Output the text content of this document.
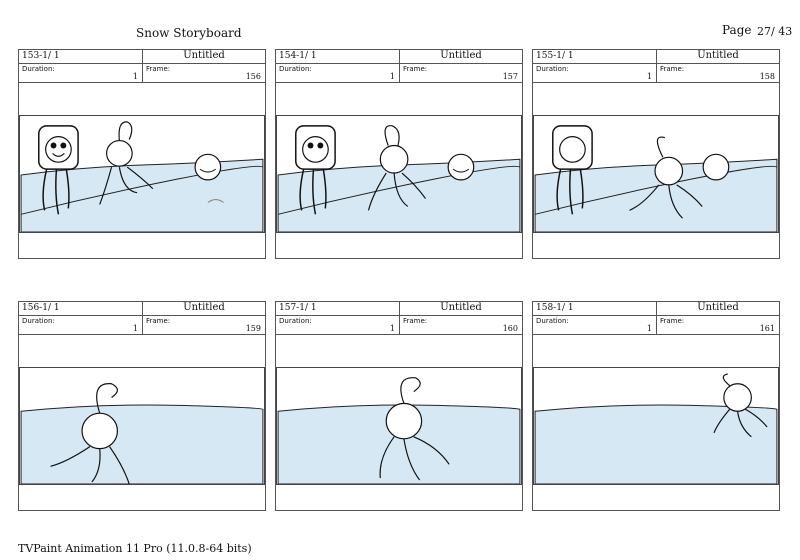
Snow Storyboard	Page 27/ 43
153-1/ 1	Untitled
Duration:
1
Frame:
156
154-1/ 1	Untitled
Duration:
1
Frame:
157
155-1/ 1	Untitled
Duration:
1
Frame:
158
156-1/ 1	Untitled
Duration:
1
Frame:
159
157-1/ 1	Untitled
Duration:
1
Frame:
160
158-1/ 1	Untitled
Duration:
1
Frame:
161
TVPaint Animation 11 Pro (11.0.8-64 bits)
